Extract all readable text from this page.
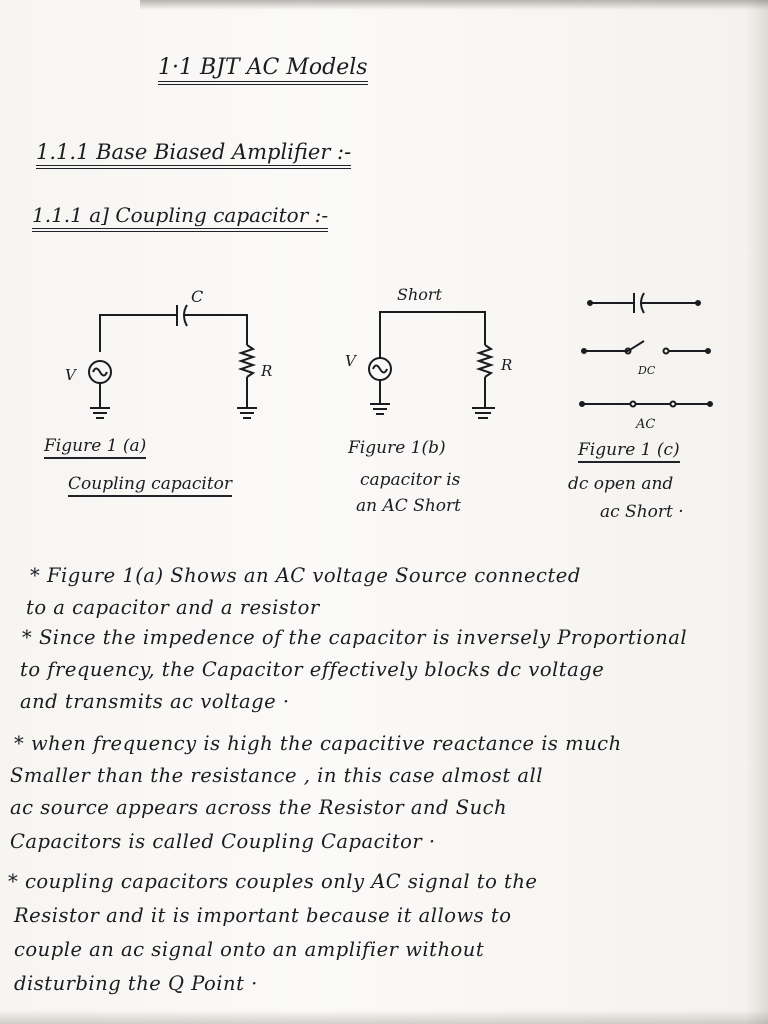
1·1 BJT AC Models
1.1.1 Base Biased Amplifier :-
1.1.1 a] Coupling capacitor :-
C
V	R
Figure 1 (a)
Coupling capacitor
Short
V	R
Figure 1(b)
capacitor is
an AC Short
DC
AC
Figure 1 (c)
dc open and
ac Short ·
* Figure 1(a) Shows an AC voltage Source connected
to a capacitor and a resistor
* Since the impedence of the capacitor is inversely Proportional
to frequency, the Capacitor effectively blocks dc voltage
and transmits ac voltage ·
* when frequency is high the capacitive reactance is much
Smaller than the resistance , in this case almost all
ac source appears across the Resistor and Such
Capacitors is called Coupling Capacitor ·
* coupling capacitors couples only AC signal to the
Resistor and it is important because it allows to
couple an ac signal onto an amplifier without
disturbing the Q Point ·
